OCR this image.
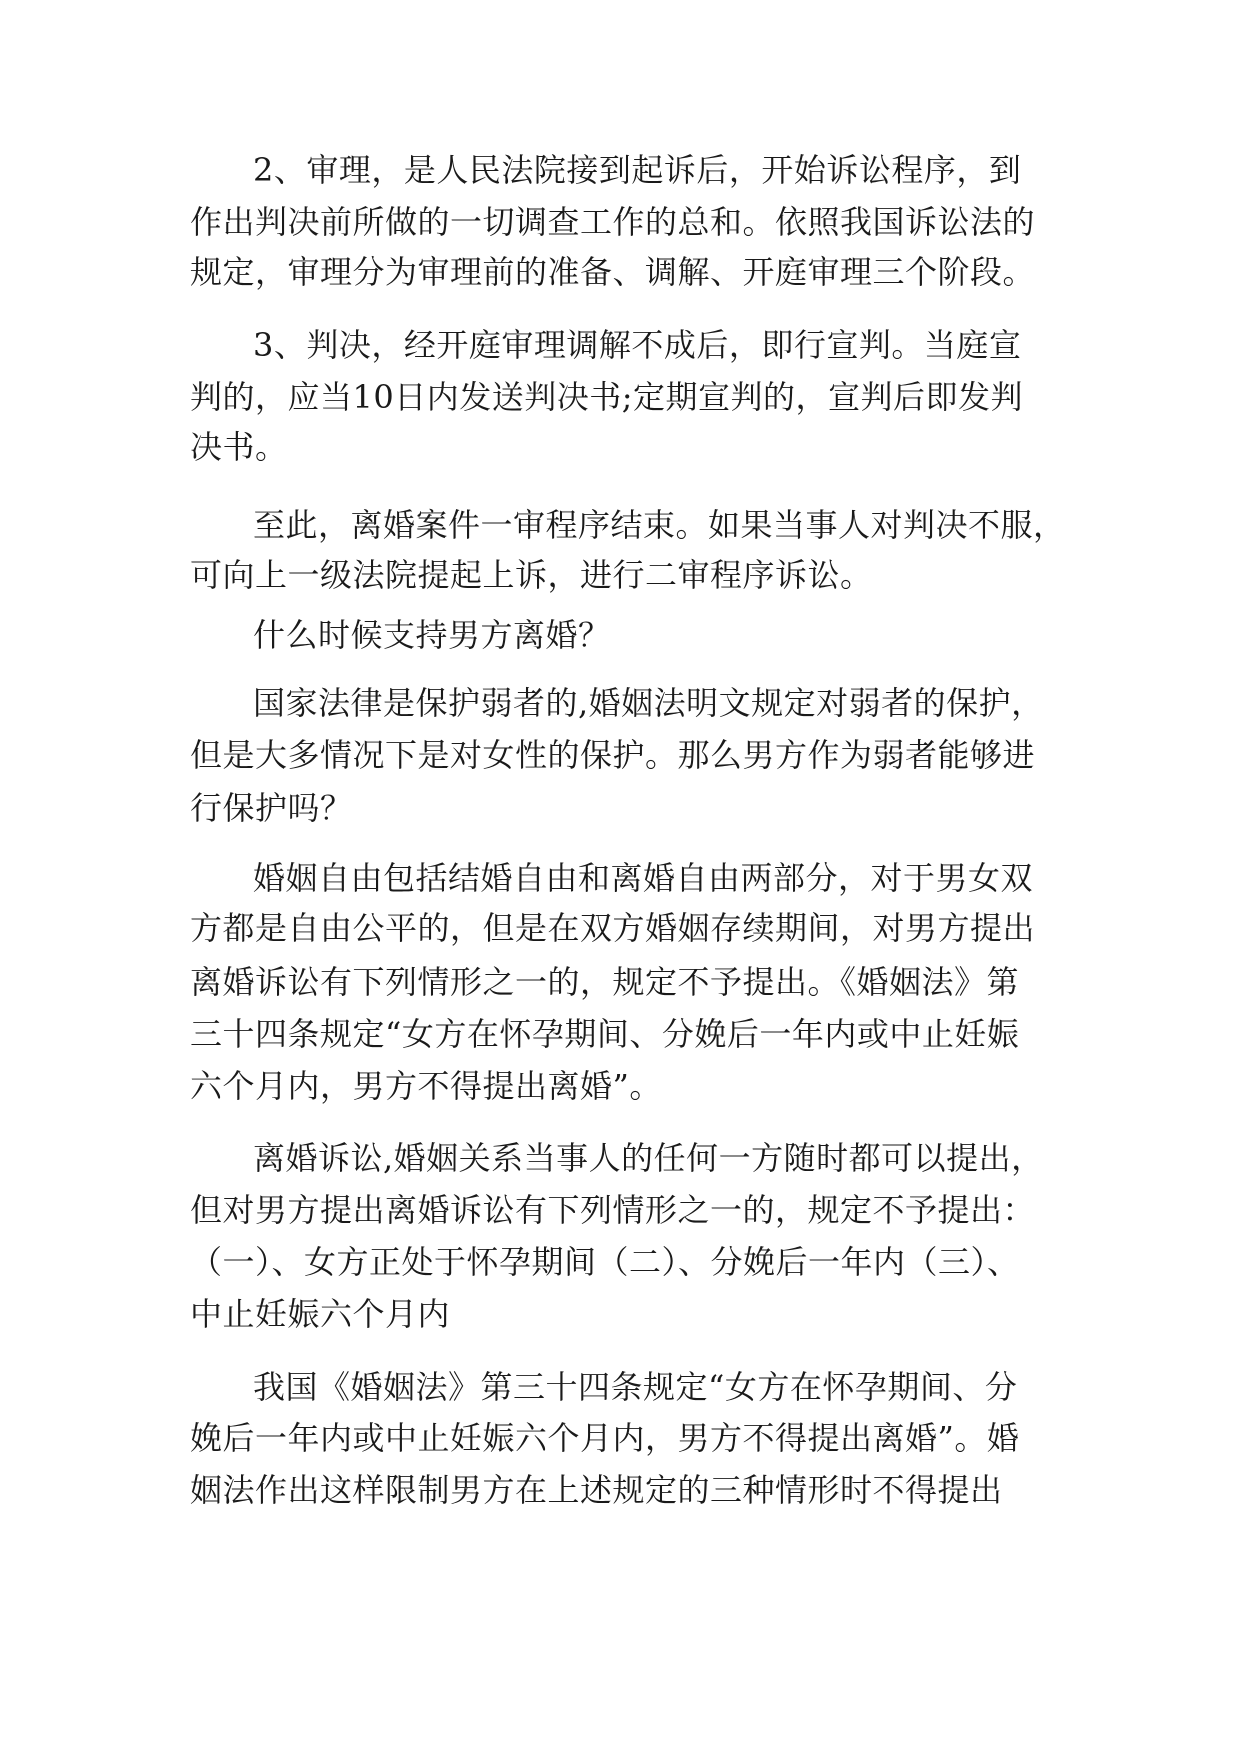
2、审理，是人民法院接到起诉后，开始诉讼程序，到

作出判决前所做的一切调查工作的总和。依照我国诉讼法的

规定，审理分为审理前的准备、调解、开庭审理三个阶段。

3、判决，经开庭审理调解不成后，即行宣判。当庭宣

判的，应当10日内发送判决书;定期宣判的，宣判后即发判

决书。

至此，离婚案件一审程序结束。如果当事人对判决不服，

可向上一级法院提起上诉，进行二审程序诉讼。

什么时候支持男方离婚？

国家法律是保护弱者的,婚姻法明文规定对弱者的保护，

但是大多情况下是对女性的保护。那么男方作为弱者能够进

行保护吗？

婚姻自由包括结婚自由和离婚自由两部分，对于男女双

方都是自由公平的，但是在双方婚姻存续期间，对男方提出

离婚诉讼有下列情形之一的，规定不予提出。《婚姻法》第

三十四条规定“女方在怀孕期间、分娩后一年内或中止妊娠

六个月内，男方不得提出离婚”。

离婚诉讼,婚姻关系当事人的任何一方随时都可以提出，

但对男方提出离婚诉讼有下列情形之一的，规定不予提出：

（一）、女方正处于怀孕期间（二）、分娩后一年内（三）、

中止妊娠六个月内

我国《婚姻法》第三十四条规定“女方在怀孕期间、分

娩后一年内或中止妊娠六个月内，男方不得提出离婚”。婚

姻法作出这样限制男方在上述规定的三种情形时不得提出
